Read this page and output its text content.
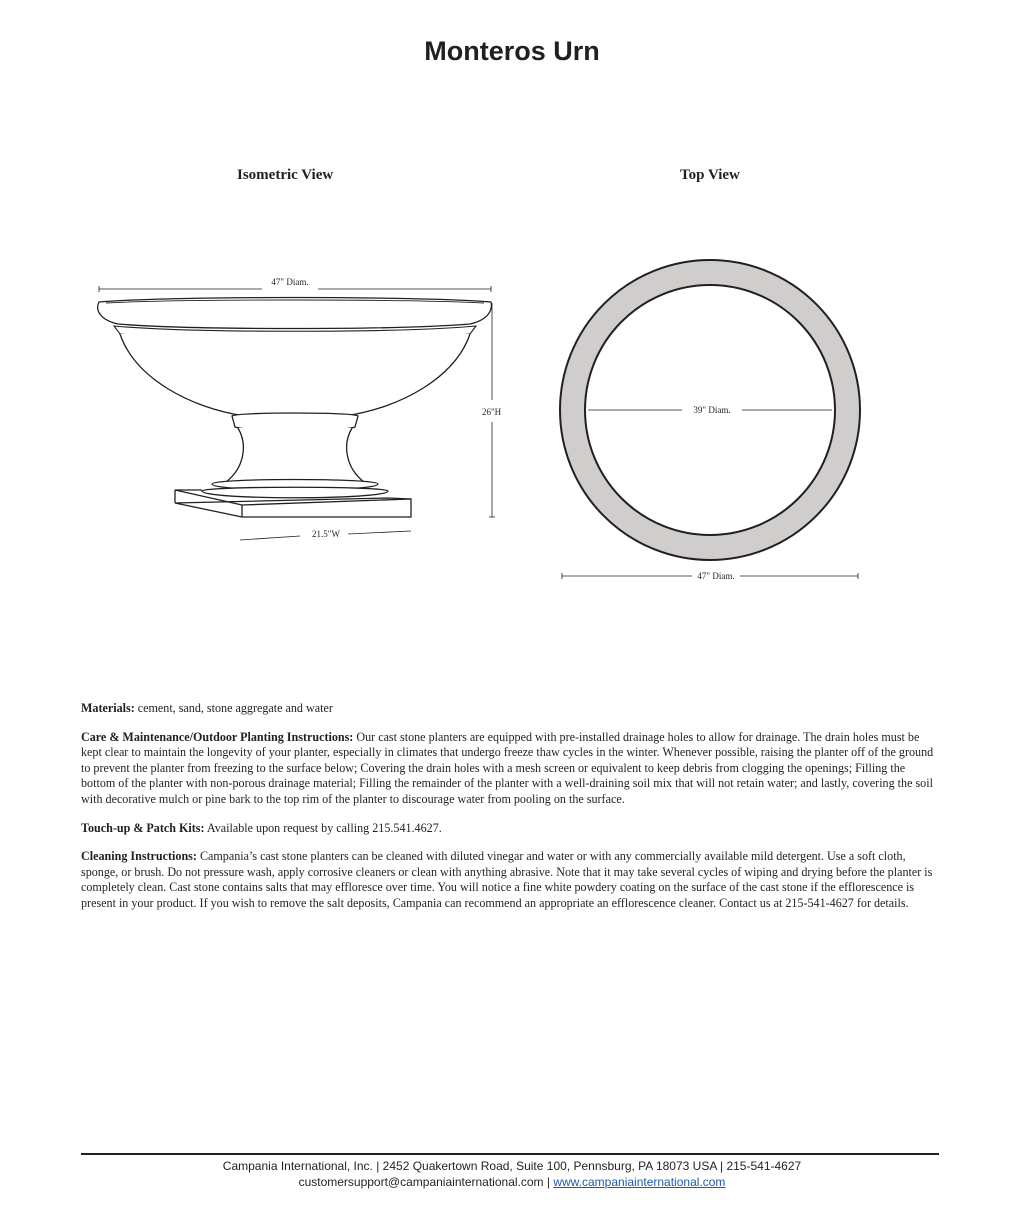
Monteros Urn
Isometric View	Top View
47" Diam.
26"H
21.5"W
39" Diam.
47" Diam.

Materials: cement, sand, stone aggregate and water

Care & Maintenance/Outdoor Planting Instructions: Our cast stone planters are equipped with pre-installed drainage holes to allow for drainage. The drain holes must be kept clear to maintain the longevity of your planter, especially in climates that undergo freeze thaw cycles in the winter. Whenever possible, raising the planter off of the ground to prevent the planter from freezing to the surface below; Covering the drain holes with a mesh screen or equivalent to keep debris from clogging the openings; Filling the bottom of the planter with non-porous drainage material; Filling the remainder of the planter with a well-draining soil mix that will not retain water; and lastly, covering the soil with decorative mulch or pine bark to the top rim of the planter to discourage water from pooling on the surface.

Touch-up & Patch Kits: Available upon request by calling 215.541.4627.

Cleaning Instructions: Campania’s cast stone planters can be cleaned with diluted vinegar and water or with any commercially available mild detergent. Use a soft cloth, sponge, or brush. Do not pressure wash, apply corrosive cleaners or clean with anything abrasive. Note that it may take several cycles of wiping and drying before the planter is completely clean. Cast stone contains salts that may effloresce over time. You will notice a fine white powdery coating on the surface of the cast stone if the efflorescence is present in your product. If you wish to remove the salt deposits, Campania can recommend an appropriate an efflorescence cleaner. Contact us at 215-541-4627 for details.

Campania International, Inc. | 2452 Quakertown Road, Suite 100, Pennsburg, PA 18073 USA | 215-541-4627
customersupport@campaniainternational.com | www.campaniainternational.com
